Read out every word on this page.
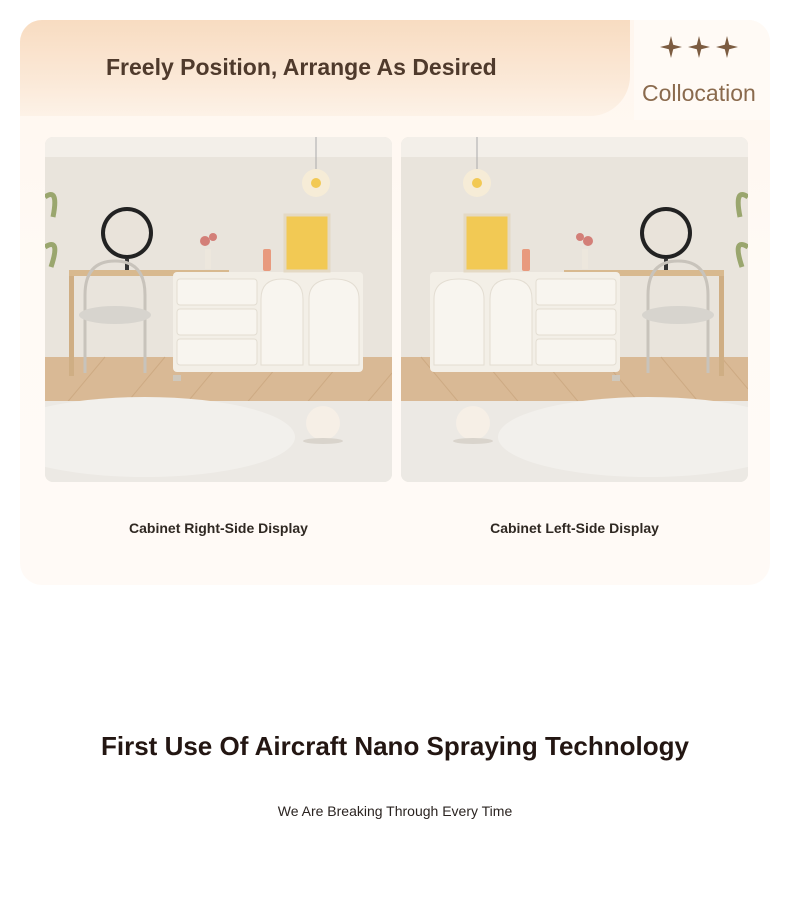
Freely Position, Arrange As Desired
Collocation
Cabinet Right-Side Display	Cabinet Left-Side Display
First Use Of Aircraft Nano Spraying Technology
We Are Breaking Through Every Time
